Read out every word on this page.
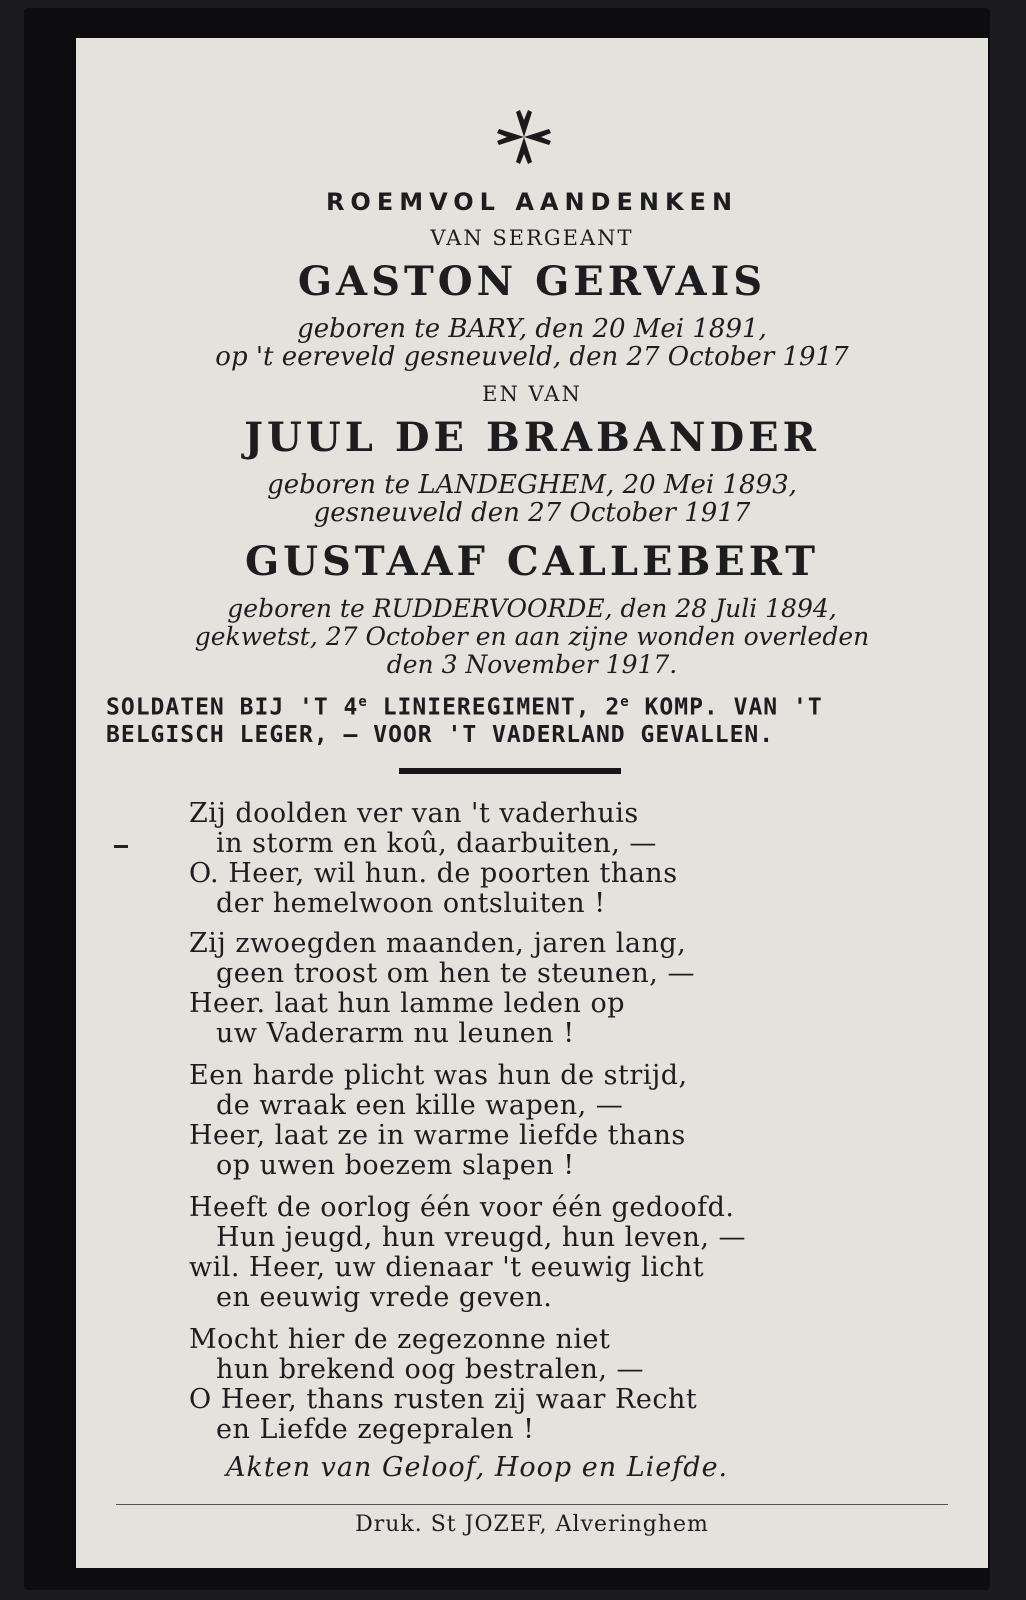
ROEMVOL AANDENKEN
VAN SERGEANT
GASTON GERVAIS
geboren te BARY, den 20 Mei 1891,
op 't eereveld gesneuveld, den 27 October 1917
EN VAN
JUUL DE BRABANDER
geboren te LANDEGHEM, 20 Mei 1893,
gesneuveld den 27 October 1917
GUSTAAF CALLEBERT
geboren te RUDDERVOORDE, den 28 Juli 1894,
gekwetst, 27 October en aan zijne wonden overleden
den 3 November 1917.
SOLDATEN BIJ 'T 4e LINIEREGIMENT, 2e KOMP. VAN 'T
BELGISCH LEGER, — VOOR 'T VADERLAND GEVALLEN.
Zij doolden ver van 't vaderhuis
in storm en koû, daarbuiten, —
O. Heer, wil hun. de poorten thans
der hemelwoon ontsluiten !
Zij zwoegden maanden, jaren lang,
geen troost om hen te steunen, —
Heer. laat hun lamme leden op
uw Vaderarm nu leunen !
Een harde plicht was hun de strijd,
de wraak een kille wapen, —
Heer, laat ze in warme liefde thans
op uwen boezem slapen !
Heeft de oorlog één voor één gedoofd.
Hun jeugd, hun vreugd, hun leven, —
wil. Heer, uw dienaar 't eeuwig licht
en eeuwig vrede geven.
Mocht hier de zegezonne niet
hun brekend oog bestralen, —
O Heer, thans rusten zij waar Recht
en Liefde zegepralen !
Akten van Geloof, Hoop en Liefde.
Druk. St JOZEF, Alveringhem
